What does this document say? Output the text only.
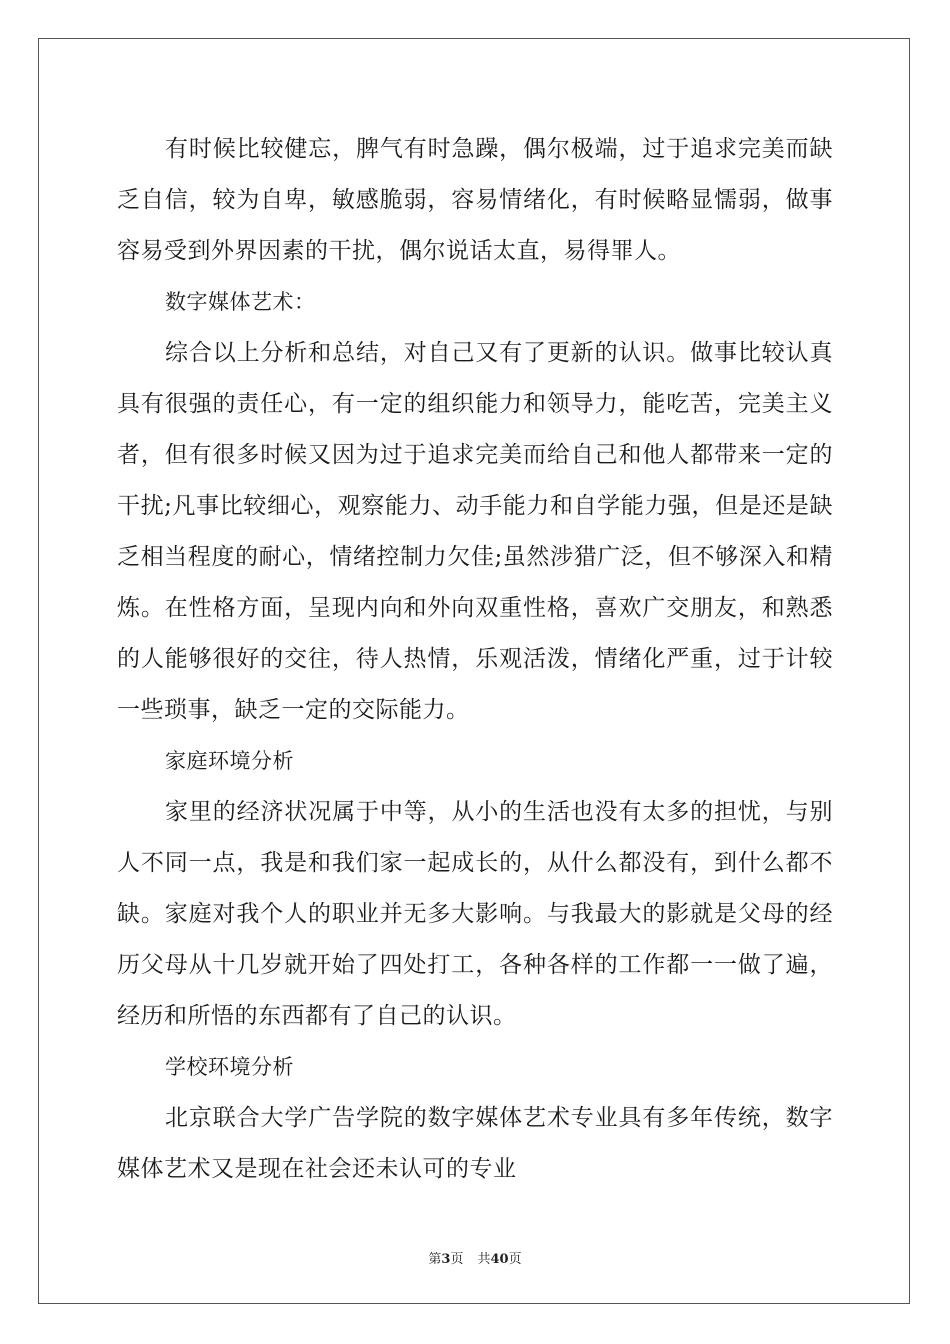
有时候比较健忘，脾气有时急躁，偶尔极端，过于追求完美而缺乏自信，较为自卑，敏感脆弱，容易情绪化，有时候略显懦弱，做事容易受到外界因素的干扰，偶尔说话太直，易得罪人。

数字媒体艺术：

综合以上分析和总结，对自己又有了更新的认识。做事比较认真具有很强的责任心，有一定的组织能力和领导力，能吃苦，完美主义者，但有很多时候又因为过于追求完美而给自己和他人都带来一定的干扰;凡事比较细心，观察能力、动手能力和自学能力强，但是还是缺乏相当程度的耐心，情绪控制力欠佳;虽然涉猎广泛，但不够深入和精炼。在性格方面，呈现内向和外向双重性格，喜欢广交朋友，和熟悉的人能够很好的交往，待人热情，乐观活泼，情绪化严重，过于计较一些琐事，缺乏一定的交际能力。

家庭环境分析

家里的经济状况属于中等，从小的生活也没有太多的担忧，与别人不同一点，我是和我们家一起成长的，从什么都没有，到什么都不缺。家庭对我个人的职业并无多大影响。与我最大的影就是父母的经历父母从十几岁就开始了四处打工，各种各样的工作都一一做了遍，经历和所悟的东西都有了自己的认识。

学校环境分析

北京联合大学广告学院的数字媒体艺术专业具有多年传统，数字媒体艺术又是现在社会还未认可的专业

第3页 共40页
